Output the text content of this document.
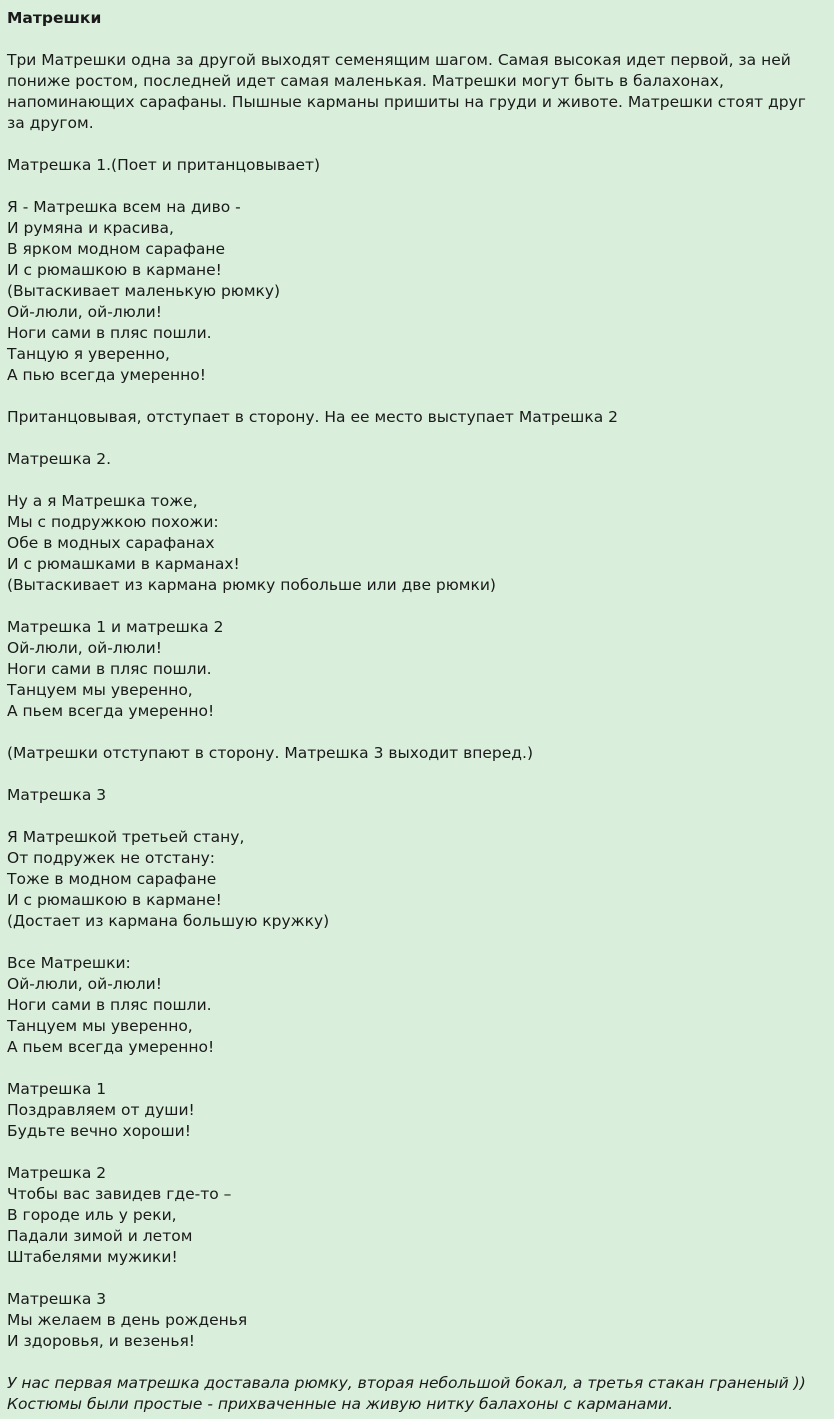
Матрешки

Три Матрешки одна за другой выходят семенящим шагом. Самая высокая идет первой, за ней пониже ростом, последней идет самая маленькая. Матрешки могут быть в балахонах, напоминающих сарафаны. Пышные карманы пришиты на груди и животе. Матрешки стоят друг за другом.

Матрешка 1.(Поет и пританцовывает)
Я - Матрешка всем на диво -
И румяна и красива,
В ярком модном сарафане
И с рюмашкою в кармане!
(Вытаскивает маленькую рюмку)
Ой-люли, ой-люли!
Ноги сами в пляс пошли.
Танцую я уверенно,
А пью всегда умеренно!
Пританцовывая, отступает в сторону. На ее место выступает Матрешка 2
Матрешка 2.
Ну а я Матрешка тоже,
Мы с подружкою похожи:
Обе в модных сарафанах
И с рюмашками в карманах!
(Вытаскивает из кармана рюмку побольше или две рюмки)
Матрешка 1 и матрешка 2
Ой-люли, ой-люли!
Ноги сами в пляс пошли.
Танцуем мы уверенно,
А пьем всегда умеренно!
(Матрешки отступают в сторону. Матрешка 3 выходит вперед.)
Матрешка 3
Я Матрешкой третьей стану,
От подружек не отстану:
Тоже в модном сарафане
И с рюмашкою в кармане!
(Достает из кармана большую кружку)
Все Матрешки:
Ой-люли, ой-люли!
Ноги сами в пляс пошли.
Танцуем мы уверенно,
А пьем всегда умеренно!
Матрешка 1
Поздравляем от души!
Будьте вечно хороши!
Матрешка 2
Чтобы вас завидев где-то –
В городе иль у реки,
Падали зимой и летом
Штабелями мужики!
Матрешка 3
Мы желаем в день рожденья
И здоровья, и везенья!
У нас первая матрешка доставала рюмку, вторая небольшой бокал, а третья стакан граненый ))
Костюмы были простые - прихваченные на живую нитку балахоны с карманами.
